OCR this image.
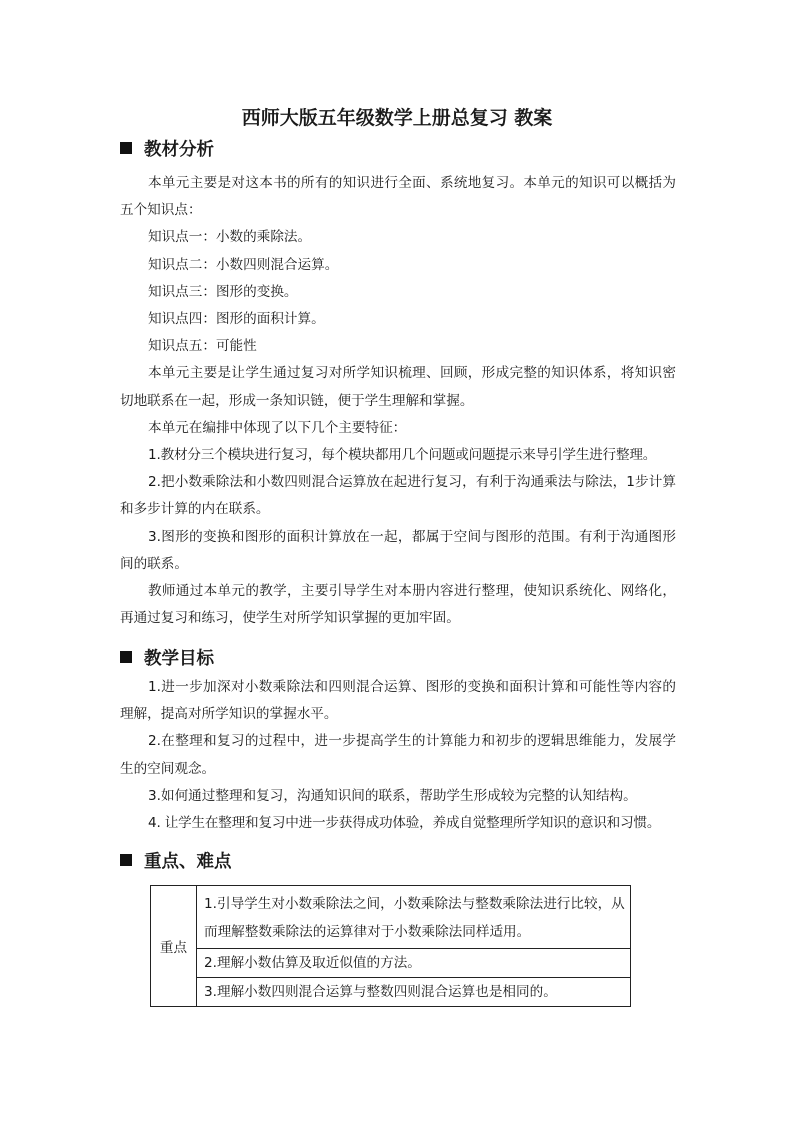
西师大版五年级数学上册总复习 教案
教材分析

本单元主要是对这本书的所有的知识进行全面、系统地复习。本单元的知识可以概括为五个知识点：

知识点一：小数的乘除法。

知识点二：小数四则混合运算。

知识点三：图形的变换。

知识点四：图形的面积计算。

知识点五：可能性

本单元主要是让学生通过复习对所学知识梳理、回顾，形成完整的知识体系，将知识密切地联系在一起，形成一条知识链，便于学生理解和掌握。

本单元在编排中体现了以下几个主要特征：

1.教材分三个模块进行复习，每个模块都用几个问题或问题提示来导引学生进行整理。

2.把小数乘除法和小数四则混合运算放在起进行复习，有利于沟通乘法与除法，1步计算和多步计算的内在联系。

3.图形的变换和图形的面积计算放在一起，都属于空间与图形的范围。有利于沟通图形间的联系。

教师通过本单元的教学，主要引导学生对本册内容进行整理，使知识系统化、网络化，再通过复习和练习，使学生对所学知识掌握的更加牢固。

教学目标

1.进一步加深对小数乘除法和四则混合运算、图形的变换和面积计算和可能性等内容的理解，提高对所学知识的掌握水平。

2.在整理和复习的过程中，进一步提高学生的计算能力和初步的逻辑思维能力，发展学生的空间观念。

3.如何通过整理和复习，沟通知识间的联系，帮助学生形成较为完整的认知结构。

4. 让学生在整理和复习中进一步获得成功体验，养成自觉整理所学知识的意识和习惯。

重点、难点
重点	1.引导学生对小数乘除法之间，小数乘除法与整数乘除法进行比较，从而理解整数乘除法的运算律对于小数乘除法同样适用。
2.理解小数估算及取近似值的方法。
3.理解小数四则混合运算与整数四则混合运算也是相同的。
